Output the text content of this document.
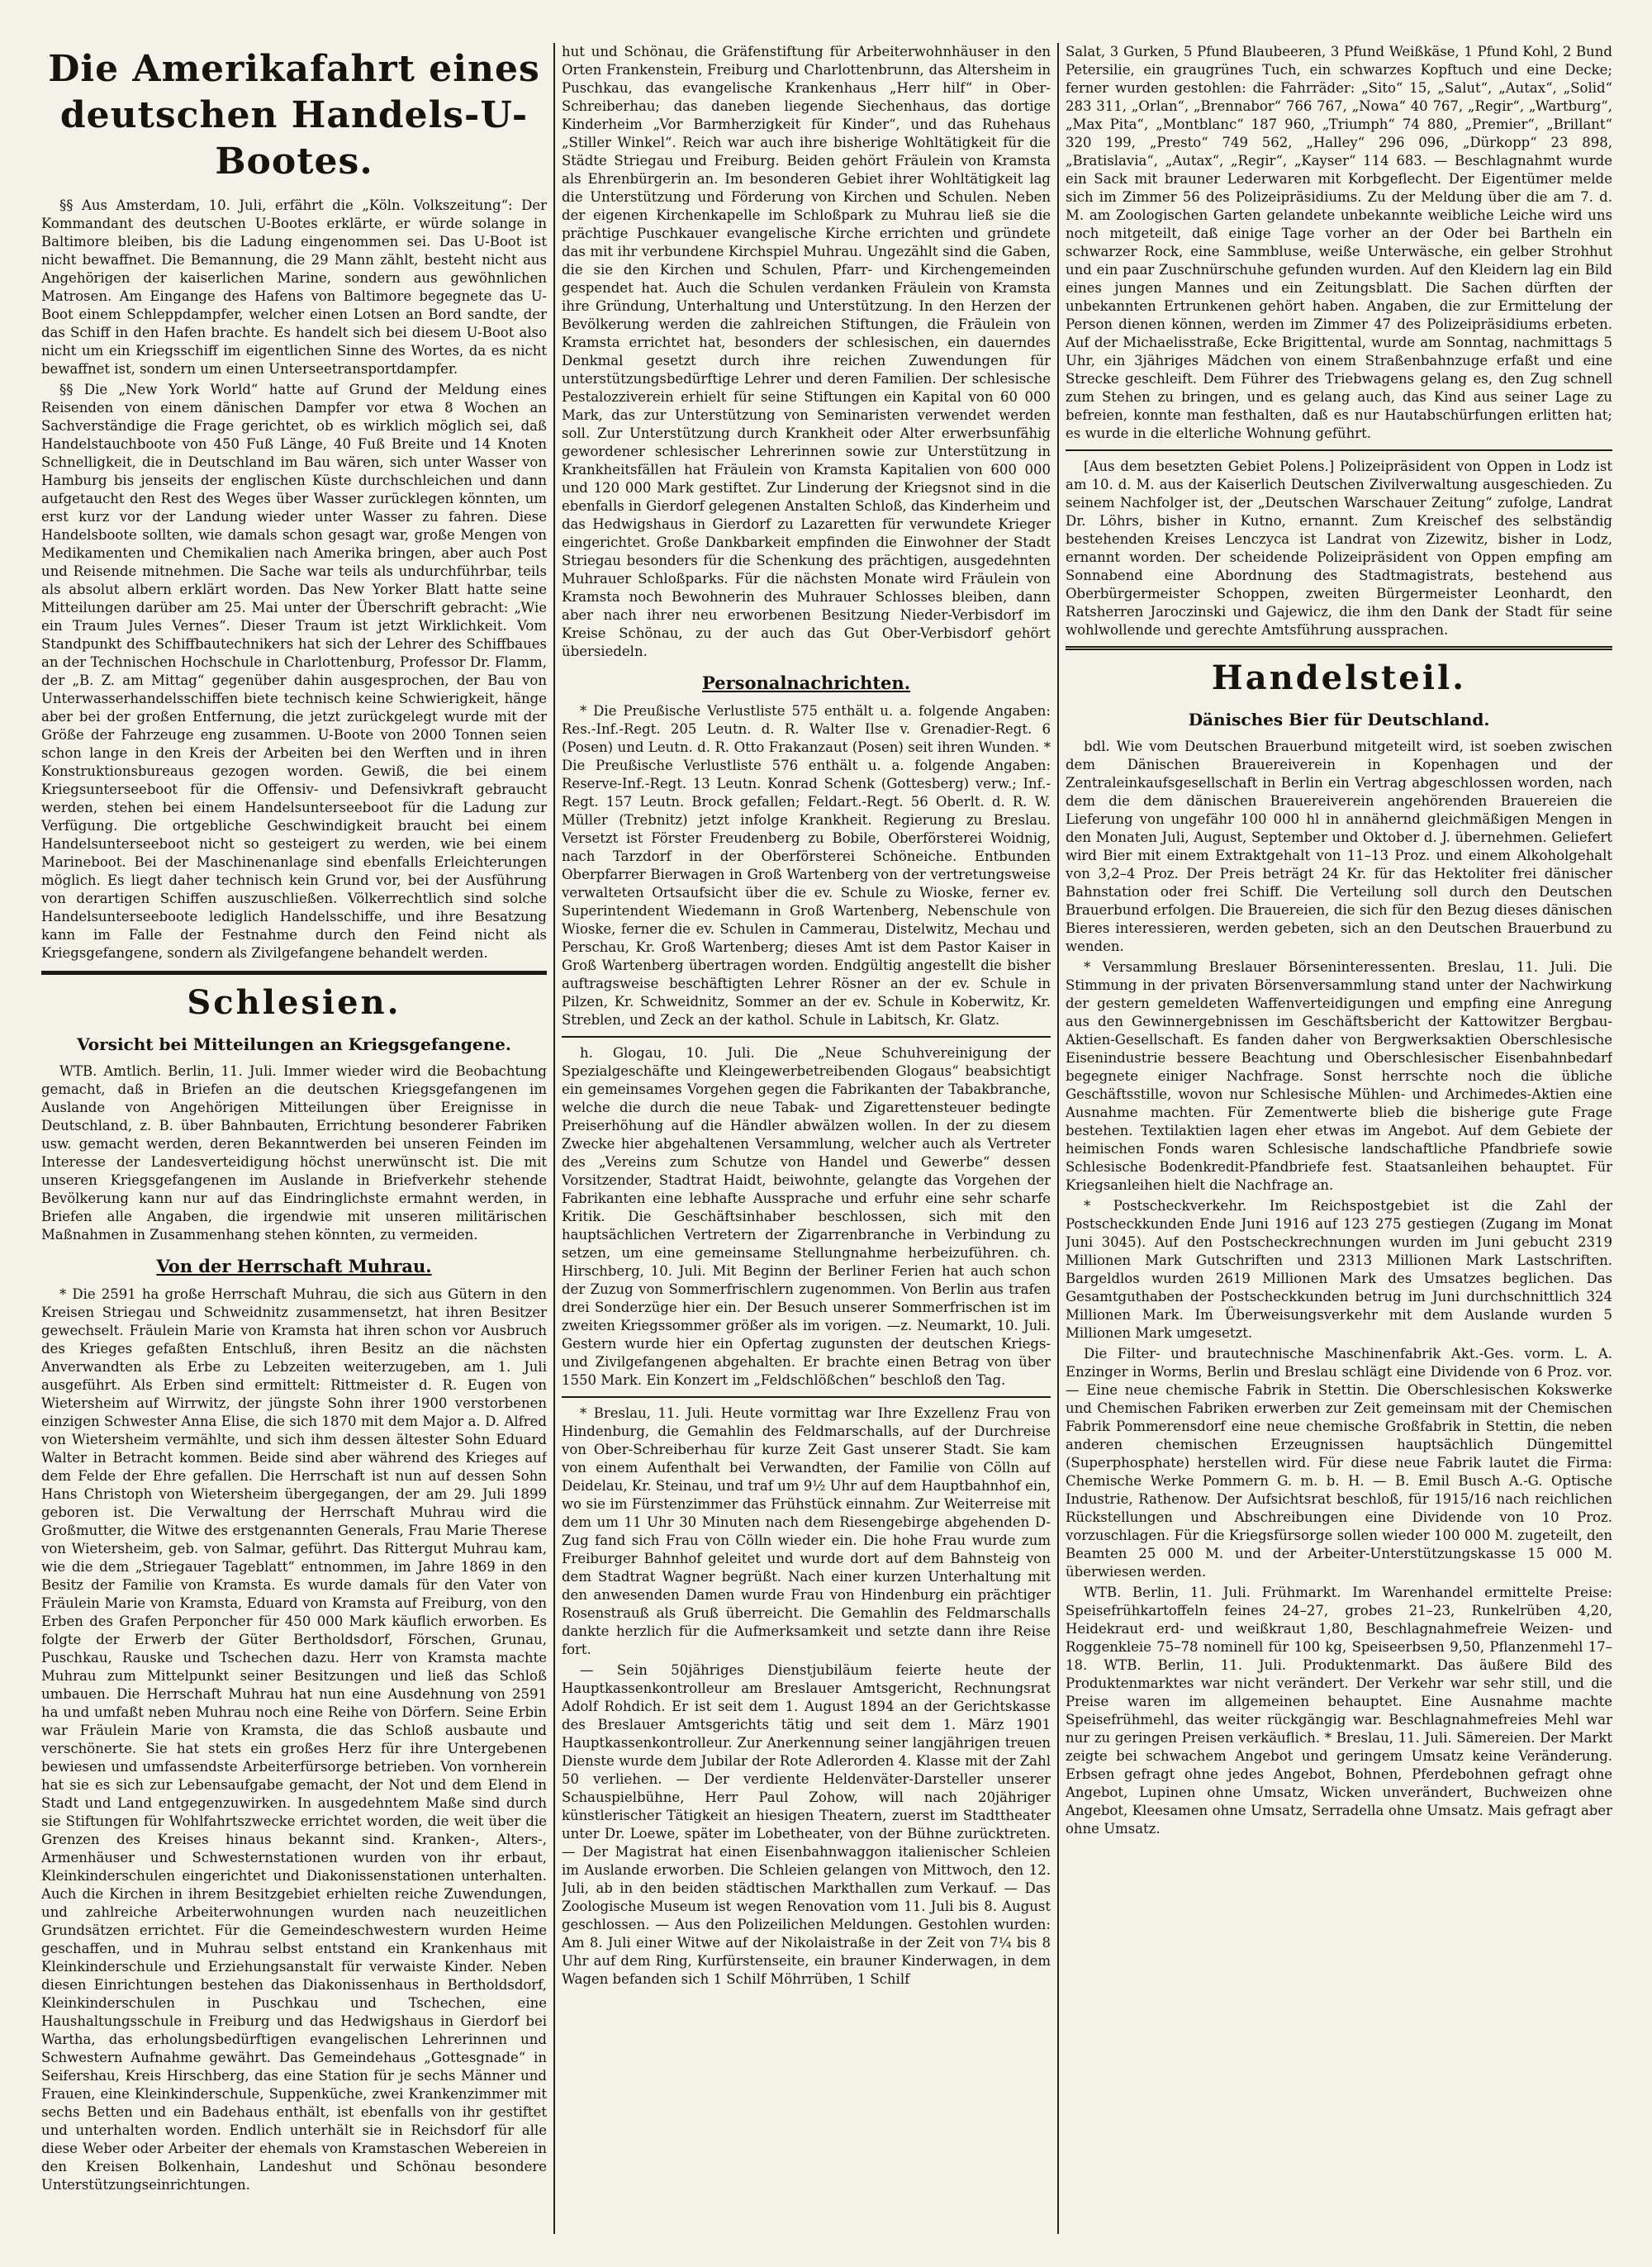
Die Amerikafahrt eines deutschen Handels-U-Bootes.

§§ Aus Amsterdam, 10. Juli, erfährt die „Köln. Volkszeitung“: Der Kommandant des deutschen U-Bootes erklärte, er würde solange in Baltimore bleiben, bis die Ladung eingenommen sei. Das U-Boot ist nicht bewaffnet. Die Bemannung, die 29 Mann zählt, besteht nicht aus Angehörigen der kaiserlichen Marine, sondern aus gewöhnlichen Matrosen. Am Eingange des Hafens von Baltimore begegnete das U-Boot einem Schleppdampfer, welcher einen Lotsen an Bord sandte, der das Schiff in den Hafen brachte. Es handelt sich bei diesem U-Boot also nicht um ein Kriegsschiff im eigentlichen Sinne des Wortes, da es nicht bewaffnet ist, sondern um einen Unterseetransportdampfer.

§§ Die „New York World“ hatte auf Grund der Meldung eines Reisenden von einem dänischen Dampfer vor etwa 8 Wochen an Sachverständige die Frage gerichtet, ob es wirklich möglich sei, daß Handelstauchboote von 450 Fuß Länge, 40 Fuß Breite und 14 Knoten Schnelligkeit, die in Deutschland im Bau wären, sich unter Wasser von Hamburg bis jenseits der englischen Küste durchschleichen und dann aufgetaucht den Rest des Weges über Wasser zurücklegen könnten, um erst kurz vor der Landung wieder unter Wasser zu fahren. Diese Handelsboote sollten, wie damals schon gesagt war, große Mengen von Medikamenten und Chemikalien nach Amerika bringen, aber auch Post und Reisende mitnehmen. Die Sache war teils als undurchführbar, teils als absolut albern erklärt worden. Das New Yorker Blatt hatte seine Mitteilungen darüber am 25. Mai unter der Überschrift gebracht: „Wie ein Traum Jules Vernes“. Dieser Traum ist jetzt Wirklichkeit. Vom Standpunkt des Schiffbautechnikers hat sich der Lehrer des Schiffbaues an der Technischen Hochschule in Charlottenburg, Professor Dr. Flamm, der „B. Z. am Mittag“ gegenüber dahin ausgesprochen, der Bau von Unterwasserhandelsschiffen biete technisch keine Schwierigkeit, hänge aber bei der großen Entfernung, die jetzt zurückgelegt wurde mit der Größe der Fahrzeuge eng zusammen. U-Boote von 2000 Tonnen seien schon lange in den Kreis der Arbeiten bei den Werften und in ihren Konstruktionsbureaus gezogen worden. Gewiß, die bei einem Kriegsunterseeboot für die Offensiv- und Defensivkraft gebraucht werden, stehen bei einem Handelsunterseeboot für die Ladung zur Verfügung. Die ortgebliche Geschwindigkeit braucht bei einem Handelsunterseeboot nicht so gesteigert zu werden, wie bei einem Marineboot. Bei der Maschinenanlage sind ebenfalls Erleichterungen möglich. Es liegt daher technisch kein Grund vor, bei der Ausführung von derartigen Schiffen auszuschließen. Völkerrechtlich sind solche Handelsunterseeboote lediglich Handelsschiffe, und ihre Besatzung kann im Falle der Festnahme durch den Feind nicht als Kriegsgefangene, sondern als Zivilgefangene behandelt werden.

Schlesien.
Vorsicht bei Mitteilungen an Kriegsgefangene.

WTB. Amtlich. Berlin, 11. Juli. Immer wieder wird die Beobachtung gemacht, daß in Briefen an die deutschen Kriegsgefangenen im Auslande von Angehörigen Mitteilungen über Ereignisse in Deutschland, z. B. über Bahnbauten, Errichtung besonderer Fabriken usw. gemacht werden, deren Bekanntwerden bei unseren Feinden im Interesse der Landesverteidigung höchst unerwünscht ist. Die mit unseren Kriegsgefangenen im Auslande in Briefverkehr stehende Bevölkerung kann nur auf das Eindringlichste ermahnt werden, in Briefen alle Angaben, die irgendwie mit unseren militärischen Maßnahmen in Zusammenhang stehen könnten, zu vermeiden.

Von der Herrschaft Muhrau.

* Die 2591 ha große Herrschaft Muhrau, die sich aus Gütern in den Kreisen Striegau und Schweidnitz zusammensetzt, hat ihren Besitzer gewechselt. Fräulein Marie von Kramsta hat ihren schon vor Ausbruch des Krieges gefaßten Entschluß, ihren Besitz an die nächsten Anverwandten als Erbe zu Lebzeiten weiterzugeben, am 1. Juli ausgeführt. Als Erben sind ermittelt: Rittmeister d. R. Eugen von Wietersheim auf Wirrwitz, der jüngste Sohn ihrer 1900 verstorbenen einzigen Schwester Anna Elise, die sich 1870 mit dem Major a. D. Alfred von Wietersheim vermählte, und sich ihm dessen ältester Sohn Eduard Walter in Betracht kommen. Beide sind aber während des Krieges auf dem Felde der Ehre gefallen. Die Herrschaft ist nun auf dessen Sohn Hans Christoph von Wietersheim übergegangen, der am 29. Juli 1899 geboren ist. Die Verwaltung der Herrschaft Muhrau wird die Großmutter, die Witwe des erstgenannten Generals, Frau Marie Therese von Wietersheim, geb. von Salmar, geführt. Das Rittergut Muhrau kam, wie die dem „Striegauer Tageblatt“ entnommen, im Jahre 1869 in den Besitz der Familie von Kramsta. Es wurde damals für den Vater von Fräulein Marie von Kramsta, Eduard von Kramsta auf Freiburg, von den Erben des Grafen Perponcher für 450 000 Mark käuflich erworben. Es folgte der Erwerb der Güter Bertholdsdorf, Förschen, Grunau, Puschkau, Rauske und Tschechen dazu. Herr von Kramsta machte Muhrau zum Mittelpunkt seiner Besitzungen und ließ das Schloß umbauen. Die Herrschaft Muhrau hat nun eine Ausdehnung von 2591 ha und umfaßt neben Muhrau noch eine Reihe von Dörfern. Seine Erbin war Fräulein Marie von Kramsta, die das Schloß ausbaute und verschönerte. Sie hat stets ein großes Herz für ihre Untergebenen bewiesen und umfassendste Arbeiterfürsorge betrieben. Von vornherein hat sie es sich zur Lebensaufgabe gemacht, der Not und dem Elend in Stadt und Land entgegenzuwirken. In ausgedehntem Maße sind durch sie Stiftungen für Wohlfahrtszwecke errichtet worden, die weit über die Grenzen des Kreises hinaus bekannt sind. Kranken-, Alters-, Armenhäuser und Schwesternstationen wurden von ihr erbaut, Kleinkinderschulen eingerichtet und Diakonissenstationen unterhalten. Auch die Kirchen in ihrem Besitzgebiet erhielten reiche Zuwendungen, und zahlreiche Arbeiterwohnungen wurden nach neuzeitlichen Grundsätzen errichtet. Für die Gemeindeschwestern wurden Heime geschaffen, und in Muhrau selbst entstand ein Krankenhaus mit Kleinkinderschule und Erziehungsanstalt für verwaiste Kinder. Neben diesen Einrichtungen bestehen das Diakonissenhaus in Bertholdsdorf, Kleinkinderschulen in Puschkau und Tschechen, eine Haushaltungsschule in Freiburg und das Hedwigshaus in Gierdorf bei Wartha, das erholungsbedürftigen evangelischen Lehrerinnen und Schwestern Aufnahme gewährt. Das Gemeindehaus „Gottesgnade“ in Seifershau, Kreis Hirschberg, das eine Station für je sechs Männer und Frauen, eine Kleinkinderschule, Suppenküche, zwei Krankenzimmer mit sechs Betten und ein Badehaus enthält, ist ebenfalls von ihr gestiftet und unterhalten worden. Endlich unterhält sie in Reichsdorf für alle diese Weber oder Arbeiter der ehemals von Kramstaschen Webereien in den Kreisen Bolkenhain, Landeshut und Schönau besondere Unterstützungseinrichtungen.

hut und Schönau, die Gräfenstiftung für Arbeiterwohnhäuser in den Orten Frankenstein, Freiburg und Charlottenbrunn, das Altersheim in Puschkau, das evangelische Krankenhaus „Herr hilf“ in Ober-Schreiberhau; das daneben liegende Siechenhaus, das dortige Kinderheim „Vor Barmherzigkeit für Kinder“, und das Ruhehaus „Stiller Winkel“. Reich war auch ihre bisherige Wohltätigkeit für die Städte Striegau und Freiburg. Beiden gehört Fräulein von Kramsta als Ehrenbürgerin an. Im besonderen Gebiet ihrer Wohltätigkeit lag die Unterstützung und Förderung von Kirchen und Schulen. Neben der eigenen Kirchenkapelle im Schloßpark zu Muhrau ließ sie die prächtige Puschkauer evangelische Kirche errichten und gründete das mit ihr verbundene Kirchspiel Muhrau. Ungezählt sind die Gaben, die sie den Kirchen und Schulen, Pfarr- und Kirchengemeinden gespendet hat. Auch die Schulen verdanken Fräulein von Kramsta ihre Gründung, Unterhaltung und Unterstützung. In den Herzen der Bevölkerung werden die zahlreichen Stiftungen, die Fräulein von Kramsta errichtet hat, besonders der schlesischen, ein dauerndes Denkmal gesetzt durch ihre reichen Zuwendungen für unterstützungsbedürftige Lehrer und deren Familien. Der schlesische Pestalozziverein erhielt für seine Stiftungen ein Kapital von 60 000 Mark, das zur Unterstützung von Seminaristen verwendet werden soll. Zur Unterstützung durch Krankheit oder Alter erwerbsunfähig gewordener schlesischer Lehrerinnen sowie zur Unterstützung in Krankheitsfällen hat Fräulein von Kramsta Kapitalien von 600 000 und 120 000 Mark gestiftet. Zur Linderung der Kriegsnot sind in die ebenfalls in Gierdorf gelegenen Anstalten Schloß, das Kinderheim und das Hedwigshaus in Gierdorf zu Lazaretten für verwundete Krieger eingerichtet. Große Dankbarkeit empfinden die Einwohner der Stadt Striegau besonders für die Schenkung des prächtigen, ausgedehnten Muhrauer Schloßparks. Für die nächsten Monate wird Fräulein von Kramsta noch Bewohnerin des Muhrauer Schlosses bleiben, dann aber nach ihrer neu erworbenen Besitzung Nieder-Verbisdorf im Kreise Schönau, zu der auch das Gut Ober-Verbisdorf gehört übersiedeln.

Personalnachrichten.

* Die Preußische Verlustliste 575 enthält u. a. folgende Angaben: Res.-Inf.-Regt. 205 Leutn. d. R. Walter Ilse v. Grenadier-Regt. 6 (Posen) und Leutn. d. R. Otto Frakanzaut (Posen) seit ihren Wunden. * Die Preußische Verlustliste 576 enthält u. a. folgende Angaben: Reserve-Inf.-Regt. 13 Leutn. Konrad Schenk (Gottesberg) verw.; Inf.-Regt. 157 Leutn. Brock gefallen; Feldart.-Regt. 56 Oberlt. d. R. W. Müller (Trebnitz) jetzt infolge Krankheit. Regierung zu Breslau. Versetzt ist Förster Freudenberg zu Bobile, Oberförsterei Woidnig, nach Tarzdorf in der Oberförsterei Schöneiche. Entbunden Oberpfarrer Bierwagen in Groß Wartenberg von der vertretungsweise verwalteten Ortsaufsicht über die ev. Schule zu Wioske, ferner ev. Superintendent Wiedemann in Groß Wartenberg, Nebenschule von Wioske, ferner die ev. Schulen in Cammerau, Distelwitz, Mechau und Perschau, Kr. Groß Wartenberg; dieses Amt ist dem Pastor Kaiser in Groß Wartenberg übertragen worden. Endgültig angestellt die bisher auftragsweise beschäftigten Lehrer Rösner an der ev. Schule in Pilzen, Kr. Schweidnitz, Sommer an der ev. Schule in Koberwitz, Kr. Streblen, und Zeck an der kathol. Schule in Labitsch, Kr. Glatz.

h. Glogau, 10. Juli. Die „Neue Schuhvereinigung der Spezialgeschäfte und Kleingewerbetreibenden Glogaus“ beabsichtigt ein gemeinsames Vorgehen gegen die Fabrikanten der Tabakbranche, welche die durch die neue Tabak- und Zigarettensteuer bedingte Preiserhöhung auf die Händler abwälzen wollen. In der zu diesem Zwecke hier abgehaltenen Versammlung, welcher auch als Vertreter des „Vereins zum Schutze von Handel und Gewerbe“ dessen Vorsitzender, Stadtrat Haidt, beiwohnte, gelangte das Vorgehen der Fabrikanten eine lebhafte Aussprache und erfuhr eine sehr scharfe Kritik. Die Geschäftsinhaber beschlossen, sich mit den hauptsächlichen Vertretern der Zigarrenbranche in Verbindung zu setzen, um eine gemeinsame Stellungnahme herbeizuführen. ch. Hirschberg, 10. Juli. Mit Beginn der Berliner Ferien hat auch schon der Zuzug von Sommerfrischlern zugenommen. Von Berlin aus trafen drei Sonderzüge hier ein. Der Besuch unserer Sommerfrischen ist im zweiten Kriegssommer größer als im vorigen. —z. Neumarkt, 10. Juli. Gestern wurde hier ein Opfertag zugunsten der deutschen Kriegs- und Zivilgefangenen abgehalten. Er brachte einen Betrag von über 1550 Mark. Ein Konzert im „Feldschlößchen“ beschloß den Tag.

* Breslau, 11. Juli. Heute vormittag war Ihre Exzellenz Frau von Hindenburg, die Gemahlin des Feldmarschalls, auf der Durchreise von Ober-Schreiberhau für kurze Zeit Gast unserer Stadt. Sie kam von einem Aufenthalt bei Verwandten, der Familie von Cölln auf Deidelau, Kr. Steinau, und traf um 9½ Uhr auf dem Hauptbahnhof ein, wo sie im Fürstenzimmer das Frühstück einnahm. Zur Weiterreise mit dem um 11 Uhr 30 Minuten nach dem Riesengebirge abgehenden D-Zug fand sich Frau von Cölln wieder ein. Die hohe Frau wurde zum Freiburger Bahnhof geleitet und wurde dort auf dem Bahnsteig von dem Stadtrat Wagner begrüßt. Nach einer kurzen Unterhaltung mit den anwesenden Damen wurde Frau von Hindenburg ein prächtiger Rosenstrauß als Gruß überreicht. Die Gemahlin des Feldmarschalls dankte herzlich für die Aufmerksamkeit und setzte dann ihre Reise fort.

— Sein 50jähriges Dienstjubiläum feierte heute der Hauptkassenkontrolleur am Breslauer Amtsgericht, Rechnungsrat Adolf Rohdich. Er ist seit dem 1. August 1894 an der Gerichtskasse des Breslauer Amtsgerichts tätig und seit dem 1. März 1901 Hauptkassenkontrolleur. Zur Anerkennung seiner langjährigen treuen Dienste wurde dem Jubilar der Rote Adlerorden 4. Klasse mit der Zahl 50 verliehen. — Der verdiente Heldenväter-Darsteller unserer Schauspielbühne, Herr Paul Zohow, will nach 20jähriger künstlerischer Tätigkeit an hiesigen Theatern, zuerst im Stadttheater unter Dr. Loewe, später im Lobetheater, von der Bühne zurücktreten. — Der Magistrat hat einen Eisenbahnwaggon italienischer Schleien im Auslande erworben. Die Schleien gelangen von Mittwoch, den 12. Juli, ab in den beiden städtischen Markthallen zum Verkauf. — Das Zoologische Museum ist wegen Renovation vom 11. Juli bis 8. August geschlossen. — Aus den Polizeilichen Meldungen. Gestohlen wurden: Am 8. Juli einer Witwe auf der Nikolaistraße in der Zeit von 7¼ bis 8 Uhr auf dem Ring, Kurfürstenseite, ein brauner Kinderwagen, in dem Wagen befanden sich 1 Schilf Möhrrüben, 1 Schilf

Salat, 3 Gurken, 5 Pfund Blaubeeren, 3 Pfund Weißkäse, 1 Pfund Kohl, 2 Bund Petersilie, ein graugrünes Tuch, ein schwarzes Kopftuch und eine Decke; ferner wurden gestohlen: die Fahrräder: „Sito“ 15, „Salut“, „Autax“, „Solid“ 283 311, „Orlan“, „Brennabor“ 766 767, „Nowa“ 40 767, „Regir“, „Wartburg“, „Max Pita“, „Montblanc“ 187 960, „Triumph“ 74 880, „Premier“, „Brillant“ 320 199, „Presto“ 749 562, „Halley“ 296 096, „Dürkopp“ 23 898, „Bratislavia“, „Autax“, „Regir“, „Kayser“ 114 683. — Beschlagnahmt wurde ein Sack mit brauner Lederwaren mit Korbgeflecht. Der Eigentümer melde sich im Zimmer 56 des Polizeipräsidiums. Zu der Meldung über die am 7. d. M. am Zoologischen Garten gelandete unbekannte weibliche Leiche wird uns noch mitgeteilt, daß einige Tage vorher an der Oder bei Bartheln ein schwarzer Rock, eine Sammbluse, weiße Unterwäsche, ein gelber Strohhut und ein paar Zuschnürschuhe gefunden wurden. Auf den Kleidern lag ein Bild eines jungen Mannes und ein Zeitungsblatt. Die Sachen dürften der unbekannten Ertrunkenen gehört haben. Angaben, die zur Ermittelung der Person dienen können, werden im Zimmer 47 des Polizeipräsidiums erbeten. Auf der Michaelisstraße, Ecke Brigittental, wurde am Sonntag, nachmittags 5 Uhr, ein 3jähriges Mädchen von einem Straßenbahnzuge erfaßt und eine Strecke geschleift. Dem Führer des Triebwagens gelang es, den Zug schnell zum Stehen zu bringen, und es gelang auch, das Kind aus seiner Lage zu befreien, konnte man festhalten, daß es nur Hautabschürfungen erlitten hat; es wurde in die elterliche Wohnung geführt.

[Aus dem besetzten Gebiet Polens.] Polizeipräsident von Oppen in Lodz ist am 10. d. M. aus der Kaiserlich Deutschen Zivilverwaltung ausgeschieden. Zu seinem Nachfolger ist, der „Deutschen Warschauer Zeitung“ zufolge, Landrat Dr. Löhrs, bisher in Kutno, ernannt. Zum Kreischef des selbständig bestehenden Kreises Lenczyca ist Landrat von Zizewitz, bisher in Lodz, ernannt worden. Der scheidende Polizeipräsident von Oppen empfing am Sonnabend eine Abordnung des Stadtmagistrats, bestehend aus Oberbürgermeister Schoppen, zweiten Bürgermeister Leonhardt, den Ratsherren Jaroczinski und Gajewicz, die ihm den Dank der Stadt für seine wohlwollende und gerechte Amtsführung aussprachen.

Handelsteil.
Dänisches Bier für Deutschland.

bdl. Wie vom Deutschen Brauerbund mitgeteilt wird, ist soeben zwischen dem Dänischen Brauereiverein in Kopenhagen und der Zentraleinkaufsgesellschaft in Berlin ein Vertrag abgeschlossen worden, nach dem die dem dänischen Brauereiverein angehörenden Brauereien die Lieferung von ungefähr 100 000 hl in annähernd gleichmäßigen Mengen in den Monaten Juli, August, September und Oktober d. J. übernehmen. Geliefert wird Bier mit einem Extraktgehalt von 11–13 Proz. und einem Alkoholgehalt von 3,2–4 Proz. Der Preis beträgt 24 Kr. für das Hektoliter frei dänischer Bahnstation oder frei Schiff. Die Verteilung soll durch den Deutschen Brauerbund erfolgen. Die Brauereien, die sich für den Bezug dieses dänischen Bieres interessieren, werden gebeten, sich an den Deutschen Brauerbund zu wenden.

* Versammlung Breslauer Börseninteressenten. Breslau, 11. Juli. Die Stimmung in der privaten Börsenversammlung stand unter der Nachwirkung der gestern gemeldeten Waffenverteidigungen und empfing eine Anregung aus den Gewinnergebnissen im Geschäftsbericht der Kattowitzer Bergbau-Aktien-Gesellschaft. Es fanden daher von Bergwerksaktien Oberschlesische Eisenindustrie bessere Beachtung und Oberschlesischer Eisenbahnbedarf begegnete einiger Nachfrage. Sonst herrschte noch die übliche Geschäftsstille, wovon nur Schlesische Mühlen- und Archimedes-Aktien eine Ausnahme machten. Für Zementwerte blieb die bisherige gute Frage bestehen. Textilaktien lagen eher etwas im Angebot. Auf dem Gebiete der heimischen Fonds waren Schlesische landschaftliche Pfandbriefe sowie Schlesische Bodenkredit-Pfandbriefe fest. Staatsanleihen behauptet. Für Kriegsanleihen hielt die Nachfrage an.

* Postscheckverkehr. Im Reichspostgebiet ist die Zahl der Postscheckkunden Ende Juni 1916 auf 123 275 gestiegen (Zugang im Monat Juni 3045). Auf den Postscheckrechnungen wurden im Juni gebucht 2319 Millionen Mark Gutschriften und 2313 Millionen Mark Lastschriften. Bargeldlos wurden 2619 Millionen Mark des Umsatzes beglichen. Das Gesamtguthaben der Postscheckkunden betrug im Juni durchschnittlich 324 Millionen Mark. Im Überweisungsverkehr mit dem Auslande wurden 5 Millionen Mark umgesetzt.

Die Filter- und brautechnische Maschinenfabrik Akt.-Ges. vorm. L. A. Enzinger in Worms, Berlin und Breslau schlägt eine Dividende von 6 Proz. vor. — Eine neue chemische Fabrik in Stettin. Die Oberschlesischen Kokswerke und Chemischen Fabriken erwerben zur Zeit gemeinsam mit der Chemischen Fabrik Pommerensdorf eine neue chemische Großfabrik in Stettin, die neben anderen chemischen Erzeugnissen hauptsächlich Düngemittel (Superphosphate) herstellen wird. Für diese neue Fabrik lautet die Firma: Chemische Werke Pommern G. m. b. H. — B. Emil Busch A.-G. Optische Industrie, Rathenow. Der Aufsichtsrat beschloß, für 1915/16 nach reichlichen Rückstellungen und Abschreibungen eine Dividende von 10 Proz. vorzuschlagen. Für die Kriegsfürsorge sollen wieder 100 000 M. zugeteilt, den Beamten 25 000 M. und der Arbeiter-Unterstützungskasse 15 000 M. überwiesen werden.

WTB. Berlin, 11. Juli. Frühmarkt. Im Warenhandel ermittelte Preise: Speisefrühkartoffeln feines 24–27, grobes 21–23, Runkelrüben 4,20, Heidekraut erd- und weißkraut 1,80, Beschlagnahmefreie Weizen- und Roggenkleie 75–78 nominell für 100 kg, Speiseerbsen 9,50, Pflanzenmehl 17–18. WTB. Berlin, 11. Juli. Produktenmarkt. Das äußere Bild des Produktenmarktes war nicht verändert. Der Verkehr war sehr still, und die Preise waren im allgemeinen behauptet. Eine Ausnahme machte Speisefrühmehl, das weiter rückgängig war. Beschlagnahmefreies Mehl war nur zu geringen Preisen verkäuflich. * Breslau, 11. Juli. Sämereien. Der Markt zeigte bei schwachem Angebot und geringem Umsatz keine Veränderung. Erbsen gefragt ohne jedes Angebot, Bohnen, Pferdebohnen gefragt ohne Angebot, Lupinen ohne Umsatz, Wicken unverändert, Buchweizen ohne Angebot, Kleesamen ohne Umsatz, Serradella ohne Umsatz. Mais gefragt aber ohne Umsatz.
